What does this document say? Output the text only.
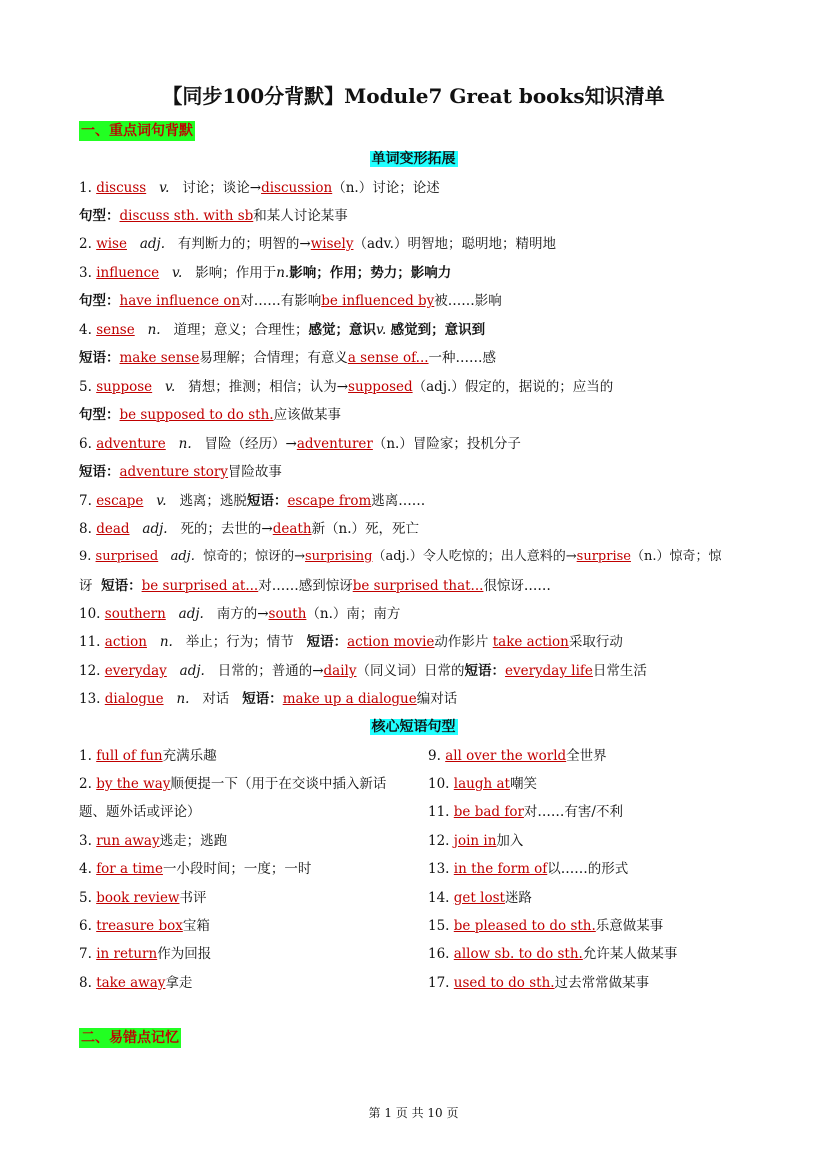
【同步100分背默】Module7 Great books知识清单
一、重点词句背默
单词变形拓展
1. discuss v. 讨论；谈论→discussion（n.）讨论；论述
句型：discuss sth. with sb和某人讨论某事
2. wise adj. 有判断力的；明智的→wisely（adv.）明智地；聪明地；精明地
3. influence v. 影响；作用于n.影响；作用；势力；影响力
句型：have influence on对……有影响be influenced by被……影响
4. sense n. 道理；意义；合理性；感觉；意识v. 感觉到；意识到
短语：make sense易理解；合情理；有意义a sense of...一种……感
5. suppose v. 猜想；推测；相信；认为→supposed（adj.）假定的，据说的；应当的
句型：be supposed to do sth.应该做某事
6. adventure n. 冒险（经历）→adventurer（n.）冒险家；投机分子
短语：adventure story冒险故事
7. escape v. 逃离；逃脱短语：escape from逃离……
8. dead adj. 死的；去世的→death新（n.）死，死亡
9. surprised adj. 惊奇的；惊讶的→surprising（adj.）令人吃惊的；出人意料的→surprise（n.）惊奇；惊
讶 短语：be surprised at...对……感到惊讶be surprised that...很惊讶……
10. southern adj. 南方的→south（n.）南；南方
11. action n. 举止；行为；情节 短语：action movie动作影片 take action采取行动
12. everyday adj. 日常的；普通的→daily（同义词）日常的短语：everyday life日常生活
13. dialogue n. 对话 短语：make up a dialogue编对话
核心短语句型
1. full of fun充满乐趣
2. by the way顺便提一下（用于在交谈中插入新话
题、题外话或评论）
3. run away逃走；逃跑
4. for a time一小段时间；一度；一时
5. book review书评
6. treasure box宝箱
7. in return作为回报
8. take away拿走
9. all over the world全世界
10. laugh at嘲笑
11. be bad for对……有害/不利
12. join in加入
13. in the form of以……的形式
14. get lost迷路
15. be pleased to do sth.乐意做某事
16. allow sb. to do sth.允许某人做某事
17. used to do sth.过去常常做某事
二、易错点记忆
第 1 页 共 10 页
